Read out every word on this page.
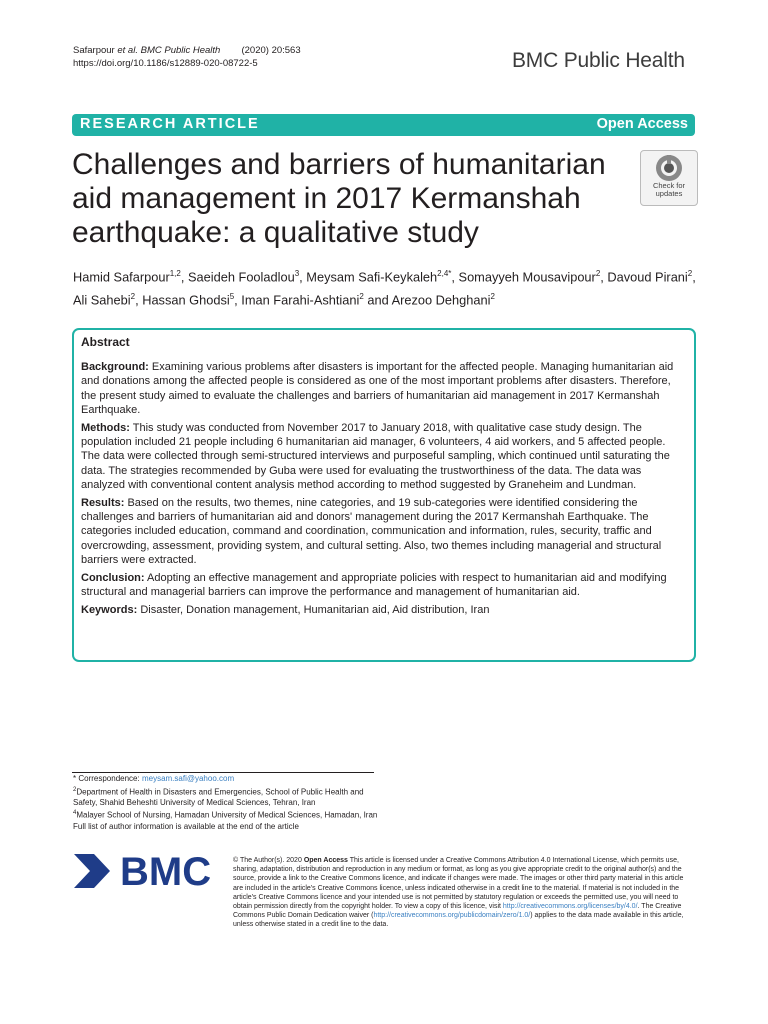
Safarpour et al. BMC Public Health (2020) 20:563
https://doi.org/10.1186/s12889-020-08722-5	BMC Public Health
RESEARCH ARTICLE	Open Access
Challenges and barriers of humanitarian aid management in 2017 Kermanshah earthquake: a qualitative study
Check for
updates
Hamid Safarpour$^{1,2}$, Saeideh Fooladlou$^3$, Meysam Safi-Keykaleh$^{2,4*}$, Somayyeh Mousavipour$^2$, Davoud Pirani$^2$, Ali Sahebi$^2$, Hassan Ghodsi$^5$, Iman Farahi-Ashtiani$^2$ and Arezoo Dehghani$^2$
Abstract

Background: Examining various problems after disasters is important for the affected people. Managing humanitarian aid and donations among the affected people is considered as one of the most important problems after disasters. Therefore, the present study aimed to evaluate the challenges and barriers of humanitarian aid management in 2017 Kermanshah Earthquake.

Methods: This study was conducted from November 2017 to January 2018, with qualitative case study design. The population included 21 people including 6 humanitarian aid manager, 6 volunteers, 4 aid workers, and 5 affected people. The data were collected through semi-structured interviews and purposeful sampling, which continued until saturating the data. The strategies recommended by Guba were used for evaluating the trustworthiness of the data. The data was analyzed with conventional content analysis method according to method suggested by Graneheim and Lundman.

Results: Based on the results, two themes, nine categories, and 19 sub-categories were identified considering the challenges and barriers of humanitarian aid and donors' management during the 2017 Kermanshah Earthquake. The categories included education, command and coordination, communication and information, rules, security, traffic and overcrowding, assessment, providing system, and cultural setting. Also, two themes including managerial and structural barriers were extracted.

Conclusion: Adopting an effective management and appropriate policies with respect to humanitarian aid and modifying structural and managerial barriers can improve the performance and management of humanitarian aid.

Keywords: Disaster, Donation management, Humanitarian aid, Aid distribution, Iran

* Correspondence: meysam.safi@yahoo.com

$^2$Department of Health in Disasters and Emergencies, School of Public Health and Safety, Shahid Beheshti University of Medical Sciences, Tehran, Iran

$^4$Malayer School of Nursing, Hamadan University of Medical Sciences, Hamadan, Iran

Full list of author information is available at the end of the article

BMC	© The Author(s). 2020 Open Access This article is licensed under a Creative Commons Attribution 4.0 International License, which permits use, sharing, adaptation, distribution and reproduction in any medium or format, as long as you give appropriate credit to the original author(s) and the source, provide a link to the Creative Commons licence, and indicate if changes were made. The images or other third party material in this article are included in the article's Creative Commons licence, unless indicated otherwise in a credit line to the material. If material is not included in the article's Creative Commons licence and your intended use is not permitted by statutory regulation or exceeds the permitted use, you will need to obtain permission directly from the copyright holder. To view a copy of this licence, visit http://creativecommons.org/licenses/by/4.0/. The Creative Commons Public Domain Dedication waiver (http://creativecommons.org/publicdomain/zero/1.0/) applies to the data made available in this article, unless otherwise stated in a credit line to the data.
